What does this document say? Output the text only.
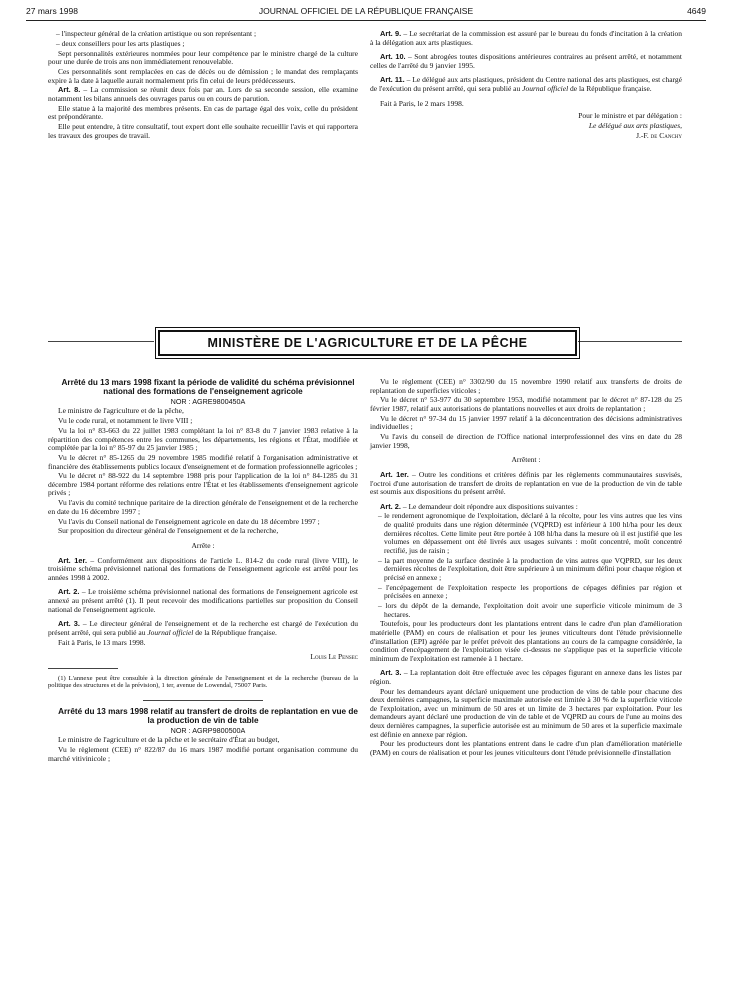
27 mars 1998	JOURNAL OFFICIEL DE LA RÉPUBLIQUE FRANÇAISE	4649

– l'inspecteur général de la création artistique ou son représentant ;

– deux conseillers pour les arts plastiques ;

Sept personnalités extérieures nommées pour leur compétence par le ministre chargé de la culture pour une durée de trois ans non immédiatement renouvelable.

Ces personnalités sont remplacées en cas de décès ou de démission ; le mandat des remplaçants expire à la date à laquelle aurait normalement pris fin celui de leurs prédécesseurs.

Art. 8. – La commission se réunit deux fois par an. Lors de sa seconde session, elle examine notamment les bilans annuels des ouvrages parus ou en cours de parution.

Elle statue à la majorité des membres présents. En cas de partage égal des voix, celle du président est prépondérante.

Elle peut entendre, à titre consultatif, tout expert dont elle souhaite recueillir l'avis et qui rapportera les travaux des groupes de travail.

Art. 9. – Le secrétariat de la commission est assuré par le bureau du fonds d'incitation à la création à la délégation aux arts plastiques.

Art. 10. – Sont abrogées toutes dispositions antérieures contraires au présent arrêté, et notamment celles de l'arrêté du 9 janvier 1995.

Art. 11. – Le délégué aux arts plastiques, président du Centre national des arts plastiques, est chargé de l'exécution du présent arrêté, qui sera publié au Journal officiel de la République française.

Fait à Paris, le 2 mars 1998.

Pour le ministre et par délégation :

Le délégué aux arts plastiques,

J.-F. de Canchy

MINISTÈRE DE L'AGRICULTURE ET DE LA PÊCHE

Arrêté du 13 mars 1998 fixant la période de validité du schéma prévisionnel national des formations de l'enseignement agricole

NOR : AGRE9800450A

Le ministre de l'agriculture et de la pêche,

Vu le code rural, et notamment le livre VIII ;

Vu la loi n° 83-663 du 22 juillet 1983 complétant la loi n° 83-8 du 7 janvier 1983 relative à la répartition des compétences entre les communes, les départements, les régions et l'État, modifiée et complétée par la loi n° 85-97 du 25 janvier 1985 ;

Vu le décret n° 85-1265 du 29 novembre 1985 modifié relatif à l'organisation administrative et financière des établissements publics locaux d'enseignement et de formation professionnelle agricoles ;

Vu le décret n° 88-922 du 14 septembre 1988 pris pour l'application de la loi n° 84-1285 du 31 décembre 1984 portant réforme des relations entre l'État et les établissements d'enseignement agricole privés ;

Vu l'avis du comité technique paritaire de la direction générale de l'enseignement et de la recherche en date du 16 décembre 1997 ;

Vu l'avis du Conseil national de l'enseignement agricole en date du 18 décembre 1997 ;

Sur proposition du directeur général de l'enseignement et de la recherche,

Arrête :

Art. 1er. – Conformément aux dispositions de l'article L. 814-2 du code rural (livre VIII), le troisième schéma prévisionnel national des formations de l'enseignement agricole est arrêté pour les années 1998 à 2002.

Art. 2. – Le troisième schéma prévisionnel national des formations de l'enseignement agricole est annexé au présent arrêté (1). Il peut recevoir des modifications partielles sur proposition du Conseil national de l'enseignement agricole.

Art. 3. – Le directeur général de l'enseignement et de la recherche est chargé de l'exécution du présent arrêté, qui sera publié au Journal officiel de la République française.

Fait à Paris, le 13 mars 1998.

Louis Le Pensec

(1) L'annexe peut être consultée à la direction générale de l'enseignement et de la recherche (bureau de la politique des structures et de la prévision), 1 ter, avenue de Lowendal, 75007 Paris.

Arrêté du 13 mars 1998 relatif au transfert de droits de replantation en vue de la production de vin de table

NOR : AGRP9800500A

Le ministre de l'agriculture et de la pêche et le secrétaire d'État au budget,

Vu le règlement (CEE) n° 822/87 du 16 mars 1987 modifié portant organisation commune du marché vitivinicole ;

Vu le règlement (CEE) n° 3302/90 du 15 novembre 1990 relatif aux transferts de droits de replantation de superficies viticoles ;

Vu le décret n° 53-977 du 30 septembre 1953, modifié notamment par le décret n° 87-128 du 25 février 1987, relatif aux autorisations de plantations nouvelles et aux droits de replantation ;

Vu le décret n° 97-34 du 15 janvier 1997 relatif à la déconcentration des décisions administratives individuelles ;

Vu l'avis du conseil de direction de l'Office national interprofessionnel des vins en date du 28 janvier 1998,

Arrêtent :

Art. 1er. – Outre les conditions et critères définis par les règlements communautaires susvisés, l'octroi d'une autorisation de transfert de droits de replantation en vue de la production de vin de table est soumis aux dispositions du présent arrêté.

Art. 2. – Le demandeur doit répondre aux dispositions suivantes :

– le rendement agronomique de l'exploitation, déclaré à la récolte, pour les vins autres que les vins de qualité produits dans une région déterminée (VQPRD) est inférieur à 100 hl/ha pour les deux dernières récoltes. Cette limite peut être portée à 108 hl/ha dans la mesure où il est justifié que les volumes en dépassement ont été livrés aux usages suivants : moût concentré, moût concentré rectifié, jus de raisin ;

– la part moyenne de la surface destinée à la production de vins autres que VQPRD, sur les deux dernières récoltes de l'exploitation, doit être supérieure à un minimum défini pour chaque région et précisé en annexe ;

– l'encépagement de l'exploitation respecte les proportions de cépages définies par région et précisées en annexe ;

– lors du dépôt de la demande, l'exploitation doit avoir une superficie viticole minimum de 3 hectares.

Toutefois, pour les producteurs dont les plantations entrent dans le cadre d'un plan d'amélioration matérielle (PAM) en cours de réalisation et pour les jeunes viticulteurs dont l'étude prévisionnelle d'installation (EPI) agréée par le préfet prévoit des plantations au cours de la campagne considérée, la condition d'encépagement de l'exploitation visée ci-dessus ne s'applique pas et la superficie viticole minimum de l'exploitation est ramenée à 1 hectare.

Art. 3. – La replantation doit être effectuée avec les cépages figurant en annexe dans les listes par région.

Pour les demandeurs ayant déclaré uniquement une production de vins de table pour chacune des deux dernières campagnes, la superficie maximale autorisée est limitée à 30 % de la superficie viticole de l'exploitation, avec un minimum de 50 ares et un limite de 3 hectares par exploitation. Pour les demandeurs ayant déclaré une production de vin de table et de VQPRD au cours de l'une au moins des deux dernières campagnes, la superficie autorisée est au minimum de 50 ares et la superficie maximale est définie en annexe par région.

Pour les producteurs dont les plantations entrent dans le cadre d'un plan d'amélioration matérielle (PAM) en cours de réalisation et pour les jeunes viticulteurs dont l'étude prévisionnelle d'installation
